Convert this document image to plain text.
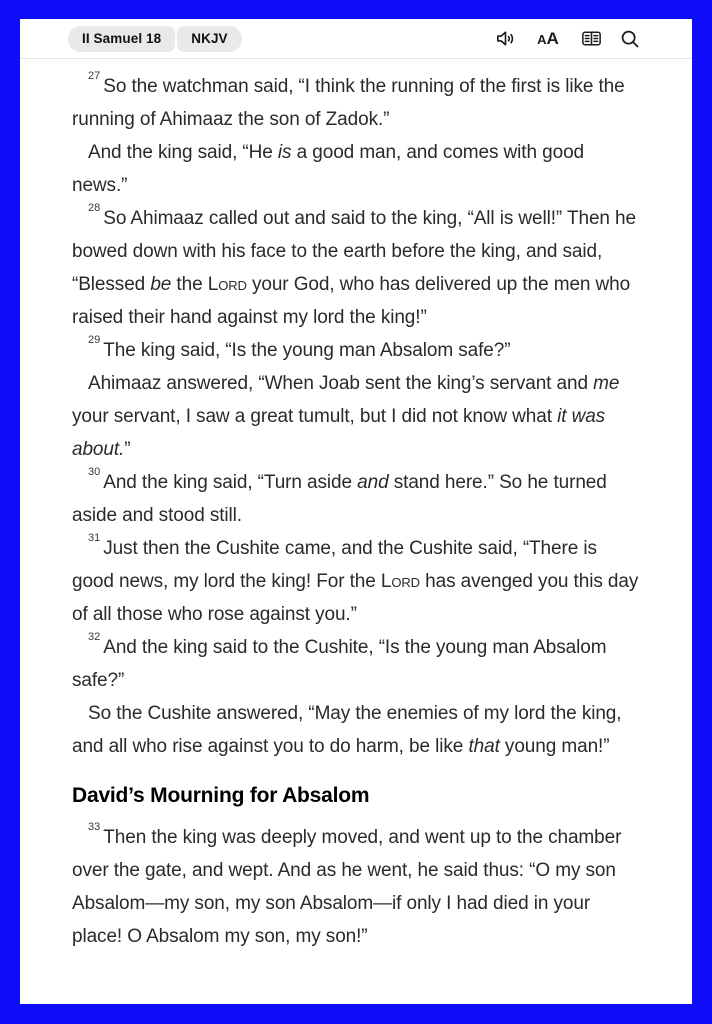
II Samuel 18	NKJV	A A

$^{27}$So the watchman said, “I think the running of the first is like the running of Ahimaaz the son of Zadok.”

And the king said, “He is a good man, and comes with good news.”

$^{28}$So Ahimaaz called out and said to the king, “All is well!” Then he bowed down with his face to the earth before the king, and said, “Blessed be the Lord your God, who has delivered up the men who raised their hand against my lord the king!”

$^{29}$The king said, “Is the young man Absalom safe?”

Ahimaaz answered, “When Joab sent the king’s servant and me your servant, I saw a great tumult, but I did not know what it was about.”

$^{30}$And the king said, “Turn aside and stand here.” So he turned aside and stood still.

$^{31}$Just then the Cushite came, and the Cushite said, “There is good news, my lord the king! For the Lord has avenged you this day of all those who rose against you.”

$^{32}$And the king said to the Cushite, “Is the young man Absalom safe?”

So the Cushite answered, “May the enemies of my lord the king, and all who rise against you to do harm, be like that young man!”

David’s Mourning for Absalom

$^{33}$Then the king was deeply moved, and went up to the chamber over the gate, and wept. And as he went, he said thus: “O my son Absalom—my son, my son Absalom—if only I had died in your place! O Absalom my son, my son!”
